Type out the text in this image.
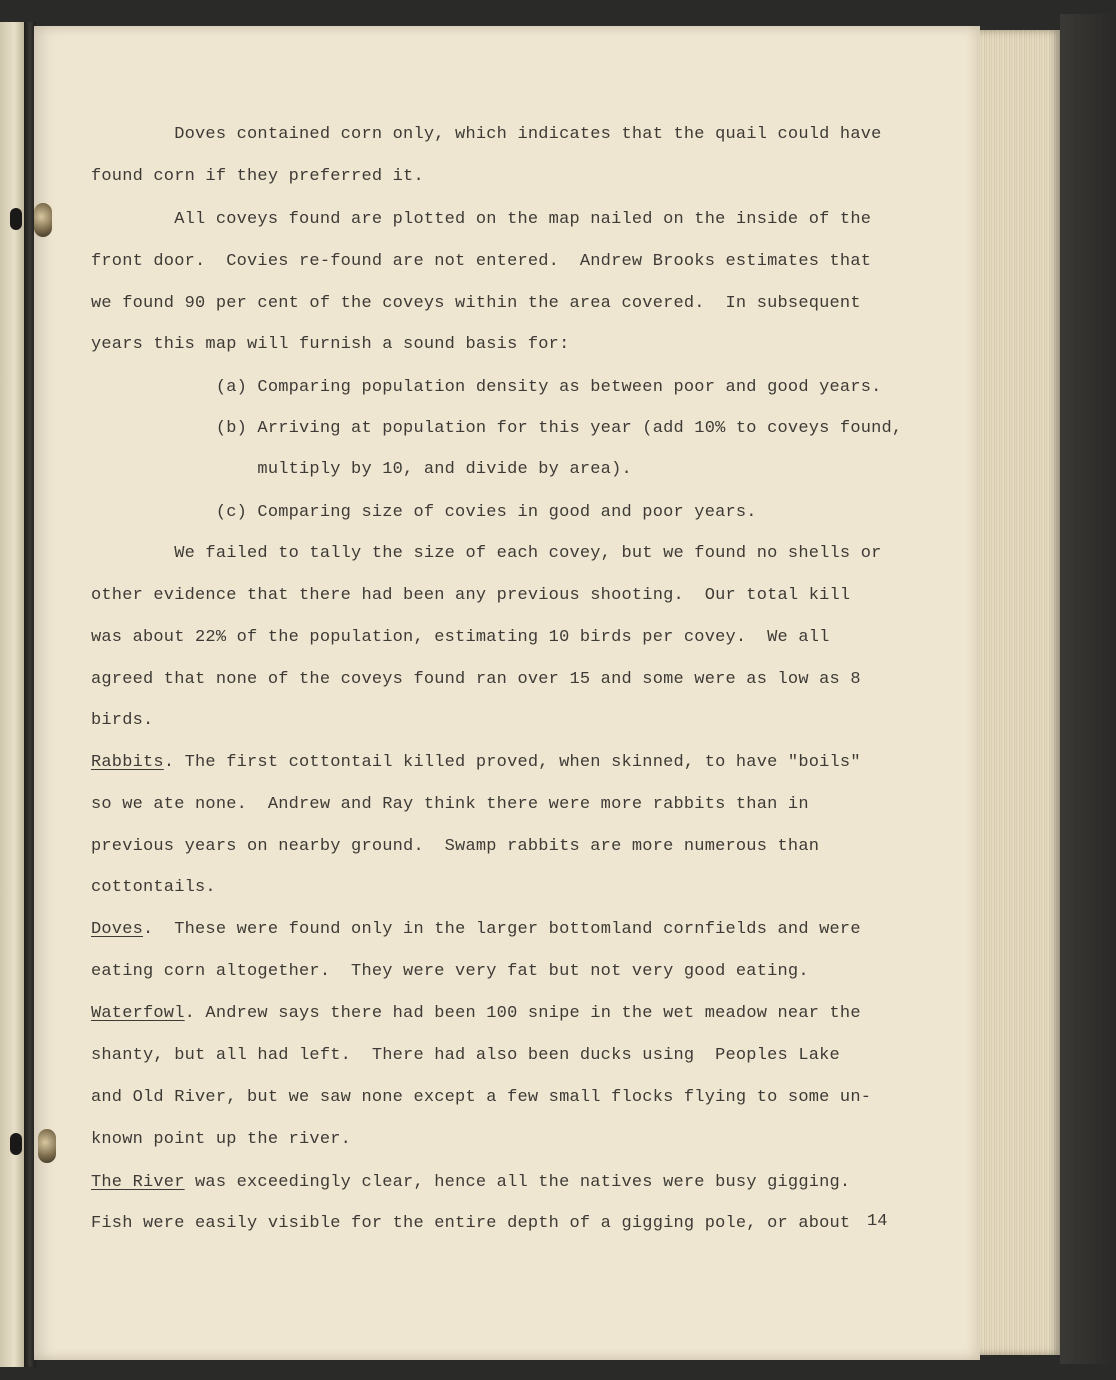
Doves contained corn only, which indicates that the quail could have

found corn if they preferred it.

All coveys found are plotted on the map nailed on the inside of the

front door.  Covies re-found are not entered.  Andrew Brooks estimates that

we found 90 per cent of the coveys within the area covered.  In subsequent

years this map will furnish a sound basis for:

(a) Comparing population density as between poor and good years.

(b) Arriving at population for this year (add 10% to coveys found,

multiply by 10, and divide by area).

(c) Comparing size of covies in good and poor years.

We failed to tally the size of each covey, but we found no shells or

other evidence that there had been any previous shooting.  Our total kill

was about 22% of the population, estimating 10 birds per covey.  We all

agreed that none of the coveys found ran over 15 and some were as low as 8

birds.

Rabbits. The first cottontail killed proved, when skinned, to have "boils"

so we ate none.  Andrew and Ray think there were more rabbits than in

previous years on nearby ground.  Swamp rabbits are more numerous than

cottontails.

Doves.  These were found only in the larger bottomland cornfields and were

eating corn altogether.  They were very fat but not very good eating.

Waterfowl. Andrew says there had been 100 snipe in the wet meadow near the

shanty, but all had left.  There had also been ducks using  Peoples Lake

and Old River, but we saw none except a few small flocks flying to some un-

known point up the river.

The River was exceedingly clear, hence all the natives were busy gigging.

Fish were easily visible for the entire depth of a gigging pole, or about 14
